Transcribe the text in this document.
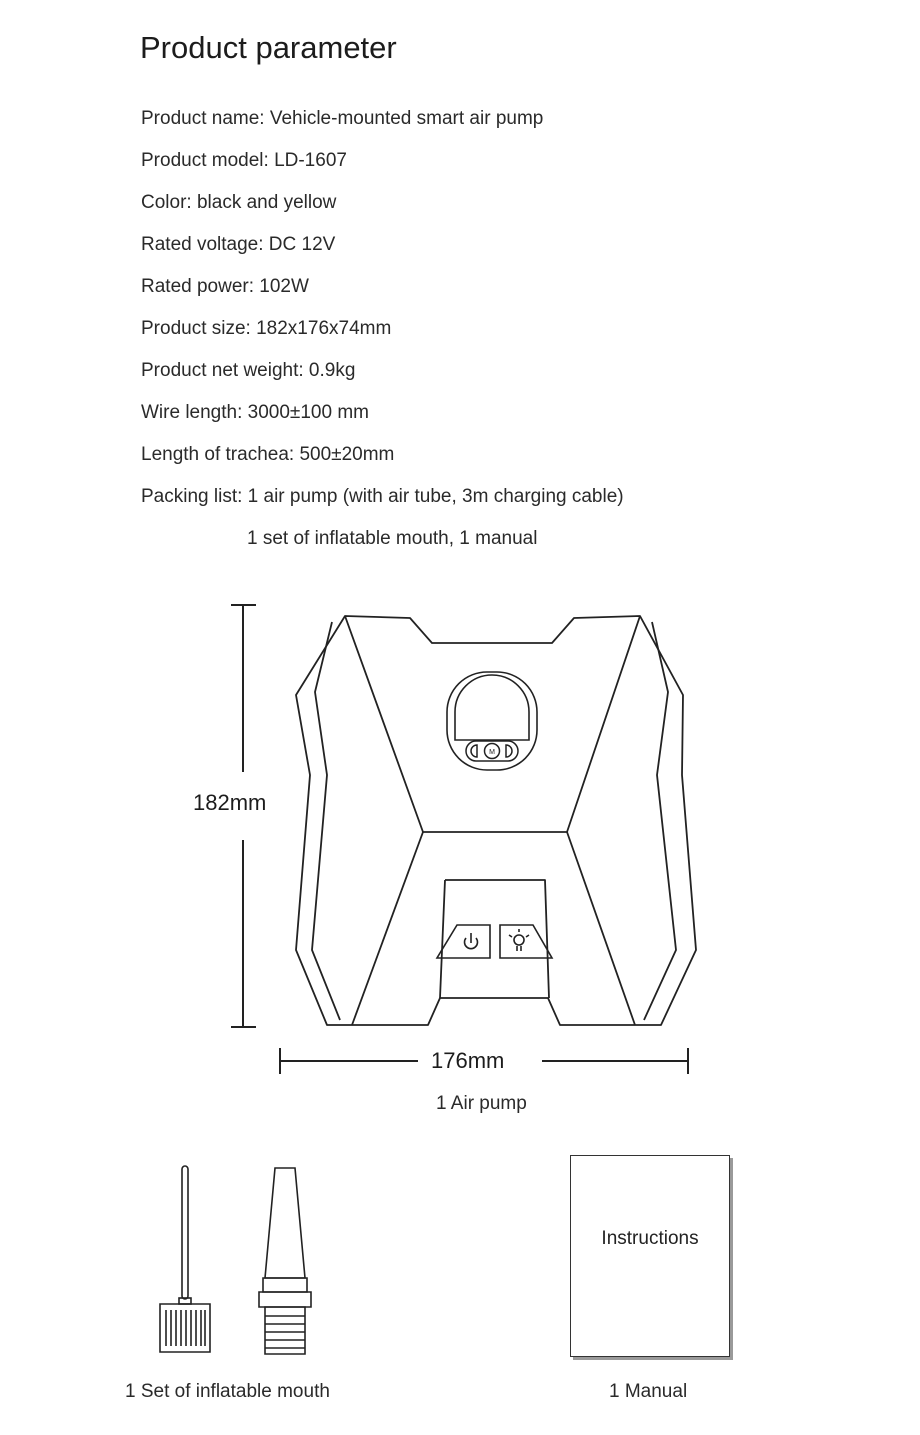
Product parameter
Product name: Vehicle-mounted smart air pump
Product model: LD-1607
Color: black and yellow
Rated voltage: DC 12V
Rated power: 102W
Product size: 182x176x74mm
Product net weight: 0.9kg
Wire length: 3000±100 mm
Length of trachea: 500±20mm
Packing list: 1 air pump (with air tube, 3m charging cable)
1 set of inflatable mouth, 1 manual
M
182mm
176mm
1 Air pump
1 Set of inflatable mouth	1 Manual
Instructions
